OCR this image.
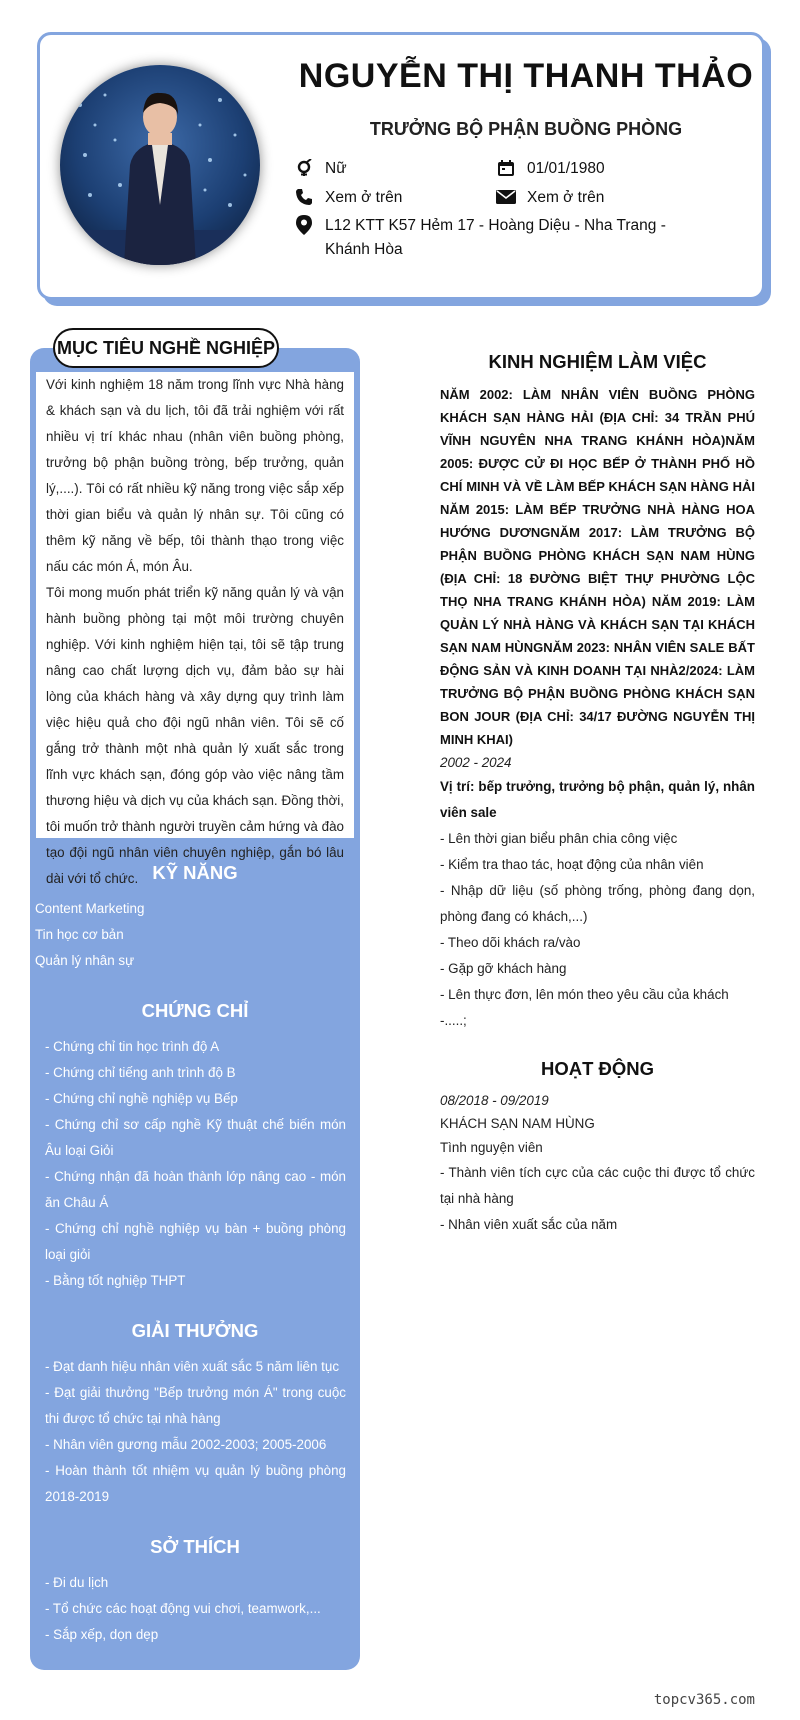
NGUYỄN THỊ THANH THẢO
TRƯỞNG BỘ PHẬN BUỒNG PHÒNG
Nữ	01/01/1980
Xem ở trên	Xem ở trên
L12 KTT K57 Hẻm 17 - Hoàng Diệu - Nha Trang - Khánh Hòa
MỤC TIÊU NGHỀ NGHIỆP

Với kinh nghiệm 18 năm trong lĩnh vực Nhà hàng & khách sạn và du lịch, tôi đã trải nghiệm với rất nhiều vị trí khác nhau (nhân viên buồng phòng, trưởng bộ phận buồng tròng, bếp trưởng, quản lý,....). Tôi có rất nhiều kỹ năng trong việc sắp xếp thời gian biểu và quản lý nhân sự. Tôi cũng có thêm kỹ năng về bếp, tôi thành thạo trong việc nấu các món Á, món Âu.

Tôi mong muốn phát triển kỹ năng quản lý và vận hành buồng phòng tại một môi trường chuyên nghiệp. Với kinh nghiệm hiện tại, tôi sẽ tập trung nâng cao chất lượng dịch vụ, đảm bảo sự hài lòng của khách hàng và xây dựng quy trình làm việc hiệu quả cho đội ngũ nhân viên. Tôi sẽ cố gắng trở thành một nhà quản lý xuất sắc trong lĩnh vực khách sạn, đóng góp vào việc nâng tầm thương hiệu và dịch vụ của khách sạn. Đồng thời, tôi muốn trở thành người truyền cảm hứng và đào tạo đội ngũ nhân viên chuyên nghiệp, gắn bó lâu dài với tổ chức. KỸ NĂNG
Content Marketing
Tin học cơ bản
Quản lý nhân sự
CHỨNG CHỈ
- Chứng chỉ tin học trình độ A
- Chứng chỉ tiếng anh trình độ B
- Chứng chỉ nghề nghiệp vụ Bếp
- Chứng chỉ sơ cấp nghề Kỹ thuật chế biến món Âu loại Giỏi
- Chứng nhận đã hoàn thành lớp nâng cao - món ăn Châu Á
- Chứng chỉ nghề nghiệp vụ bàn + buồng phòng loại giỏi
- Bằng tốt nghiệp THPT
GIẢI THƯỞNG
- Đạt danh hiệu nhân viên xuất sắc 5 năm liên tục
- Đạt giải thưởng "Bếp trưởng món Á" trong cuộc thi được tổ chức tại nhà hàng
- Nhân viên gương mẫu 2002-2003; 2005-2006
- Hoàn thành tốt nhiệm vụ quản lý buồng phòng 2018-2019
SỞ THÍCH
- Đi du lịch
- Tổ chức các hoạt động vui chơi, teamwork,...
- Sắp xếp, dọn dẹp
KINH NGHIỆM LÀM VIỆC
NĂM 2002: LÀM NHÂN VIÊN BUỒNG PHÒNG KHÁCH SẠN HÀNG HẢI (ĐỊA CHỈ: 34 TRẦN PHÚ VĨNH NGUYÊN NHA TRANG KHÁNH HÒA)NĂM 2005: ĐƯỢC CỬ ĐI HỌC BẾP Ở THÀNH PHỐ HỒ CHÍ MINH VÀ VỀ LÀM BẾP KHÁCH SẠN HÀNG HẢI NĂM 2015: LÀM BẾP TRƯỞNG NHÀ HÀNG HOA HƯỚNG DƯƠNGNĂM 2017: LÀM TRƯỞNG BỘ PHẬN BUỒNG PHÒNG KHÁCH SẠN NAM HÙNG (ĐỊA CHỈ: 18 ĐƯỜNG BIỆT THỰ PHƯỜNG LỘC THỌ NHA TRANG KHÁNH HÒA) NĂM 2019: LÀM QUẢN LÝ NHÀ HÀNG VÀ KHÁCH SẠN TẠI KHÁCH SẠN NAM HÙNGNĂM 2023: NHÂN VIÊN SALE BẤT ĐỘNG SẢN VÀ KINH DOANH TẠI NHÀ2/2024: LÀM TRƯỞNG BỘ PHẬN BUỒNG PHÒNG KHÁCH SẠN BON JOUR (ĐỊA CHỈ: 34/17 ĐƯỜNG NGUYỄN THỊ MINH KHAI)
2002 - 2024
Vị trí: bếp trưởng, trưởng bộ phận, quản lý, nhân viên sale
- Lên thời gian biểu phân chia công việc
- Kiểm tra thao tác, hoạt động của nhân viên
- Nhập dữ liệu (số phòng trống, phòng đang dọn, phòng đang có khách,...)
- Theo dõi khách ra/vào
- Gặp gỡ khách hàng
- Lên thực đơn, lên món theo yêu cầu của khách
-.....;
HOẠT ĐỘNG
08/2018 - 09/2019
KHÁCH SẠN NAM HÙNG
Tình nguyện viên
- Thành viên tích cực của các cuộc thi được tổ chức tại nhà hàng
- Nhân viên xuất sắc của năm
topcv365.com
